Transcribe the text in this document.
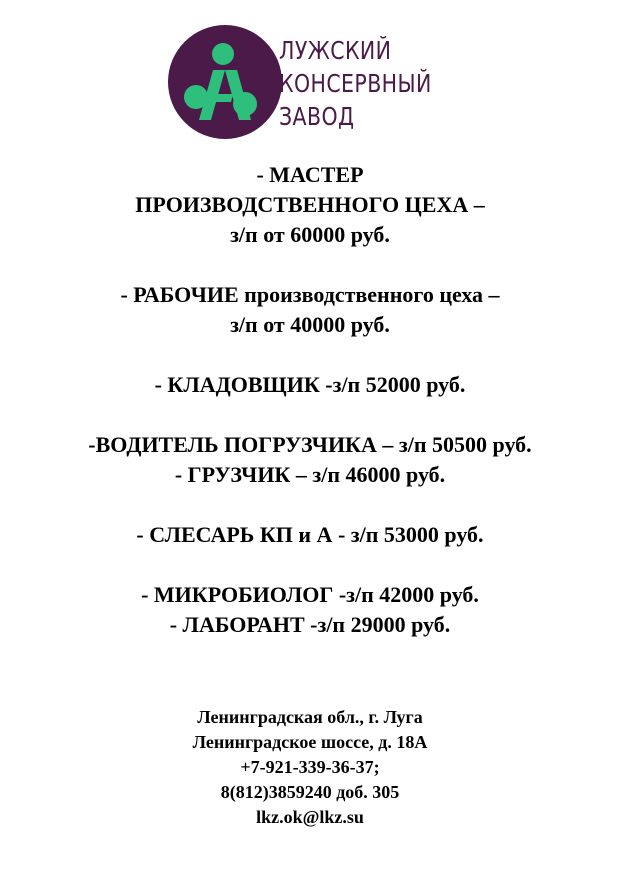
ЛУЖСКИЙ
КОНСЕРВНЫЙ
ЗАВОД
- МАСТЕР
ПРОИЗВОДСТВЕННОГО ЦЕХА –
з/п от 60000 руб.
- РАБОЧИЕ производственного цеха –
з/п от 40000 руб.
- КЛАДОВЩИК -з/п 52000 руб.
-ВОДИТЕЛЬ ПОГРУЗЧИКА – з/п 50500 руб.
- ГРУЗЧИК – з/п 46000 руб.
- СЛЕСАРЬ КП и А - з/п 53000 руб.
- МИКРОБИОЛОГ -з/п 42000 руб.
- ЛАБОРАНТ -з/п 29000 руб.
Ленинградская обл., г. Луга
Ленинградское шоссе, д. 18А
+7-921-339-36-37;
8(812)3859240 доб. 305
lkz.ok@lkz.su
